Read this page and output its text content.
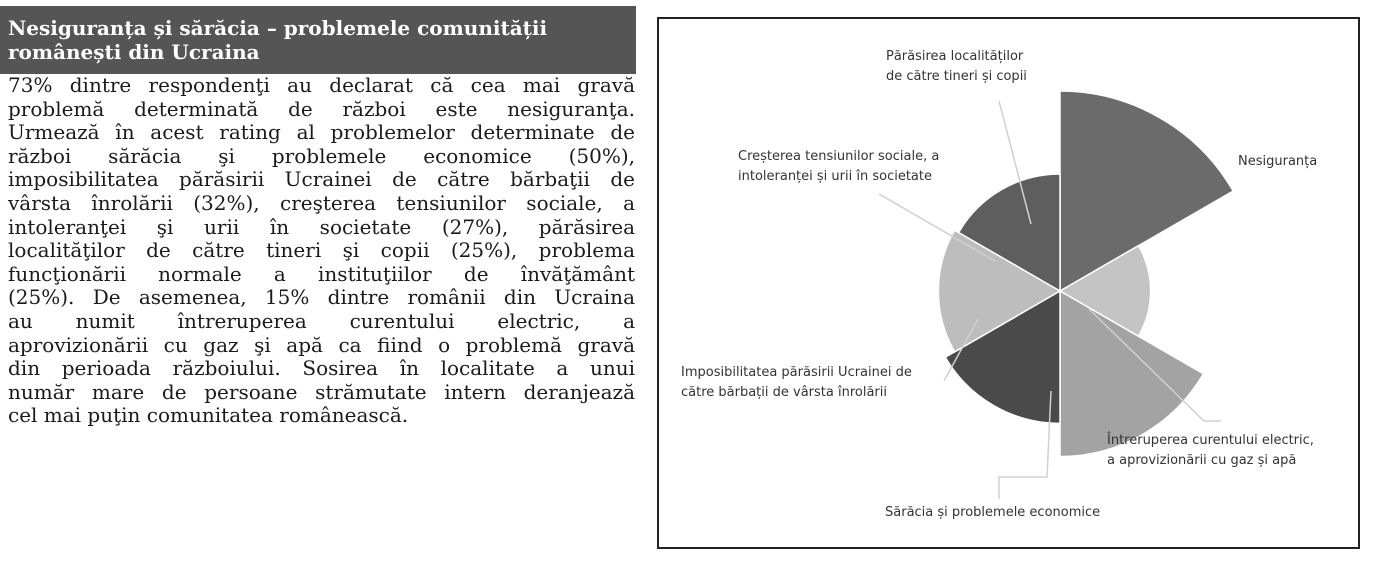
Nesiguranța și sărăcia – problemele comunității
românești din Ucraina
73% dintre respondenţi au declarat că cea mai gravă
problemă determinată de război este nesiguranţa.
Urmează în acest rating al problemelor determinate de
război sărăcia şi problemele economice (50%),
imposibilitatea părăsirii Ucrainei de către bărbaţii de
vârsta înrolării (32%), creşterea tensiunilor sociale, a
intoleranţei şi urii în societate (27%), părăsirea
localităţilor de către tineri şi copii (25%), problema
funcţionării normale a instituţiilor de învăţământ
(25%). De asemenea, 15% dintre românii din Ucraina
au numit întreruperea curentului electric, a
aprovizionării cu gaz şi apă ca fiind o problemă gravă
din perioada războiului. Sosirea în localitate a unui
număr mare de persoane strămutate intern deranjează
cel mai puţin comunitatea românească.
Nesiguranța
Întreruperea curentului electric,
a aprovizionării cu gaz și apă
Sărăcia și problemele economice
Imposibilitatea părăsirii Ucrainei de
către bărbații de vârsta înrolării
Creșterea tensiunilor sociale, a
intoleranței și urii în societate
Părăsirea localităților
de către tineri și copii
